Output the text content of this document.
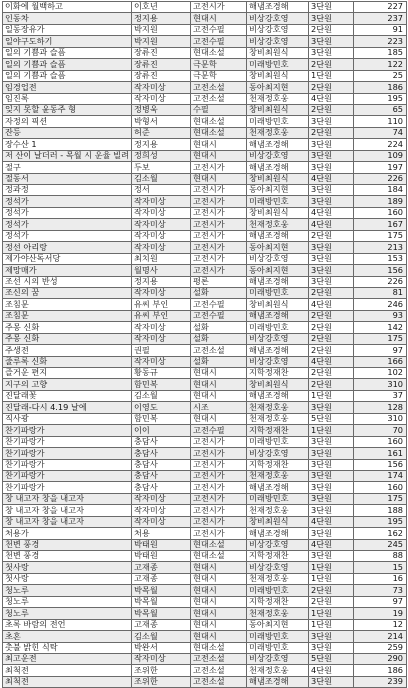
이화에 월백하고	이호년	고전시가	해냄조경해	3단원	227
인동차	정지용	현대시	비상강호영	3단원	237
일동장유가	박지원	고전수필	비상강호영	2단원	91
일야구도하기	박지원	고전수필	비상강호영	3단원	223
일의 기쁨과 슬픔	장류진	현대소설	창비최원식	3단원	185
일의 기쁨과 슬픔	장류진	극문학	미래방민호	2단원	122
일의 기쁨과 슬픔	장류진	극문학	창비최원식	1단원	25
임경업전	작자미상	고전소설	동아최지현	2단원	186
임진록	작자미상	고전소설	천재정호웅	4단원	195
잊지 못할 윤동주 형	정병욱	수필	창비최원식	2단원	65
자정의 픽션	박형서	현대소설	미래방민호	3단원	110
잔등	허준	현대소설	천재정호웅	2단원	74
장수산 1	정지용	현대시	해냄조경해	3단원	224
저 산이 날더러 - 목월 시 운율 빌려	정희성	현대시	비상강호영	3단원	109
절구	두보	고전시가	해냄조경해	3단원	197
절동서	김소월	현대시	창비최원식	4단원	226
정과정	정서	고전시가	동아최지현	3단원	184
정석가	작자미상	고전시가	미래방민호	3단원	189
정석가	작자미상	고전시가	창비최원식	4단원	160
정석가	작자미상	고전시가	천재정호웅	4단원	167
정석가	작자미상	고전시가	해냄조경해	2단원	175
정선 아리랑	작자미상	고전시가	동아최지현	3단원	213
제가야산독서당	최치원	고전시가	비상강호영	3단원	153
제망매가	월명사	고전시가	동아최지현	3단원	156
조선 시의 반성	정지용	평론	해냄조경해	3단원	226
조신의 꿈	작자미상	설화	미래방민호	2단원	81
조침문	유씨 부인	고전수필	창비최원식	4단원	246
조침문	유씨 부인	고전수필	해냄조경해	2단원	93
주몽 신화	작자미상	설화	미래방민호	2단원	142
주몽 신화	작자미상	설화	비상강호영	2단원	175
주생전	권필	고전소설	해냄조경해	2단원	97
줄루록 신화	작자미상	설화	비상강호영	4단원	166
즐거운 편지	황동규	현대시	지학정재찬	2단원	102
지구의 고향	함민복	현대시	창비최원식	2단원	310
진달래꽃	김소월	현대시	해냄조경해	1단원	37
진달래-다시 4.19 날에	이영도	시조	천재정호웅	3단원	128
직사광	함민복	현대시	천재정호웅	5단원	310
찬기파랑가	이이	고전수필	지학정재찬	1단원	70
찬기파랑가	충담사	고전시가	미래방민호	3단원	160
찬기파랑가	충담사	고전시가	비상강호영	3단원	161
찬기파랑가	충담사	고전시가	지학정재찬	3단원	156
찬기파랑가	충담사	고전시가	천재정호웅	3단원	174
찬기파랑가	충담사	고전시가	해냄조경해	3단원	160
창 내고자 창을 내고자	작자미상	고전시가	미래방민호	3단원	175
창 내고자 창을 내고자	작자미상	고전시가	천재정호웅	3단원	188
창 내고자 창을 내고자	작자미상	고전시가	창비최원식	4단원	195
처용가	처용	고전시가	해냄조경해	3단원	162
천변 풍경	박태원	현대소설	비상강호영	4단원	245
천변 풍경	박태원	현대소설	지학정재찬	3단원	88
첫사랑	고재종	현대시	비상강호영	1단원	15
첫사랑	고재종	현대시	천재정호웅	1단원	16
청노루	박목월	현대시	미래방민호	2단원	73
청노루	박목월	현대시	지학정재찬	2단원	97
청노루	박목월	현대시	천재정호웅	1단원	19
초록 바람의 전언	고재종	현대시	동아최지현	1단원	12
초혼	김소월	현대시	미래방민호	3단원	214
촛불 밝힌 식탁	박완서	현대소설	미래방민호	3단원	259
최고운전	작자미상	고전소설	비상강호영	5단원	290
최척전	조위한	고전소설	천재정호웅	4단원	186
최척전	조위한	고전소설	해냄조경해	3단원	239
